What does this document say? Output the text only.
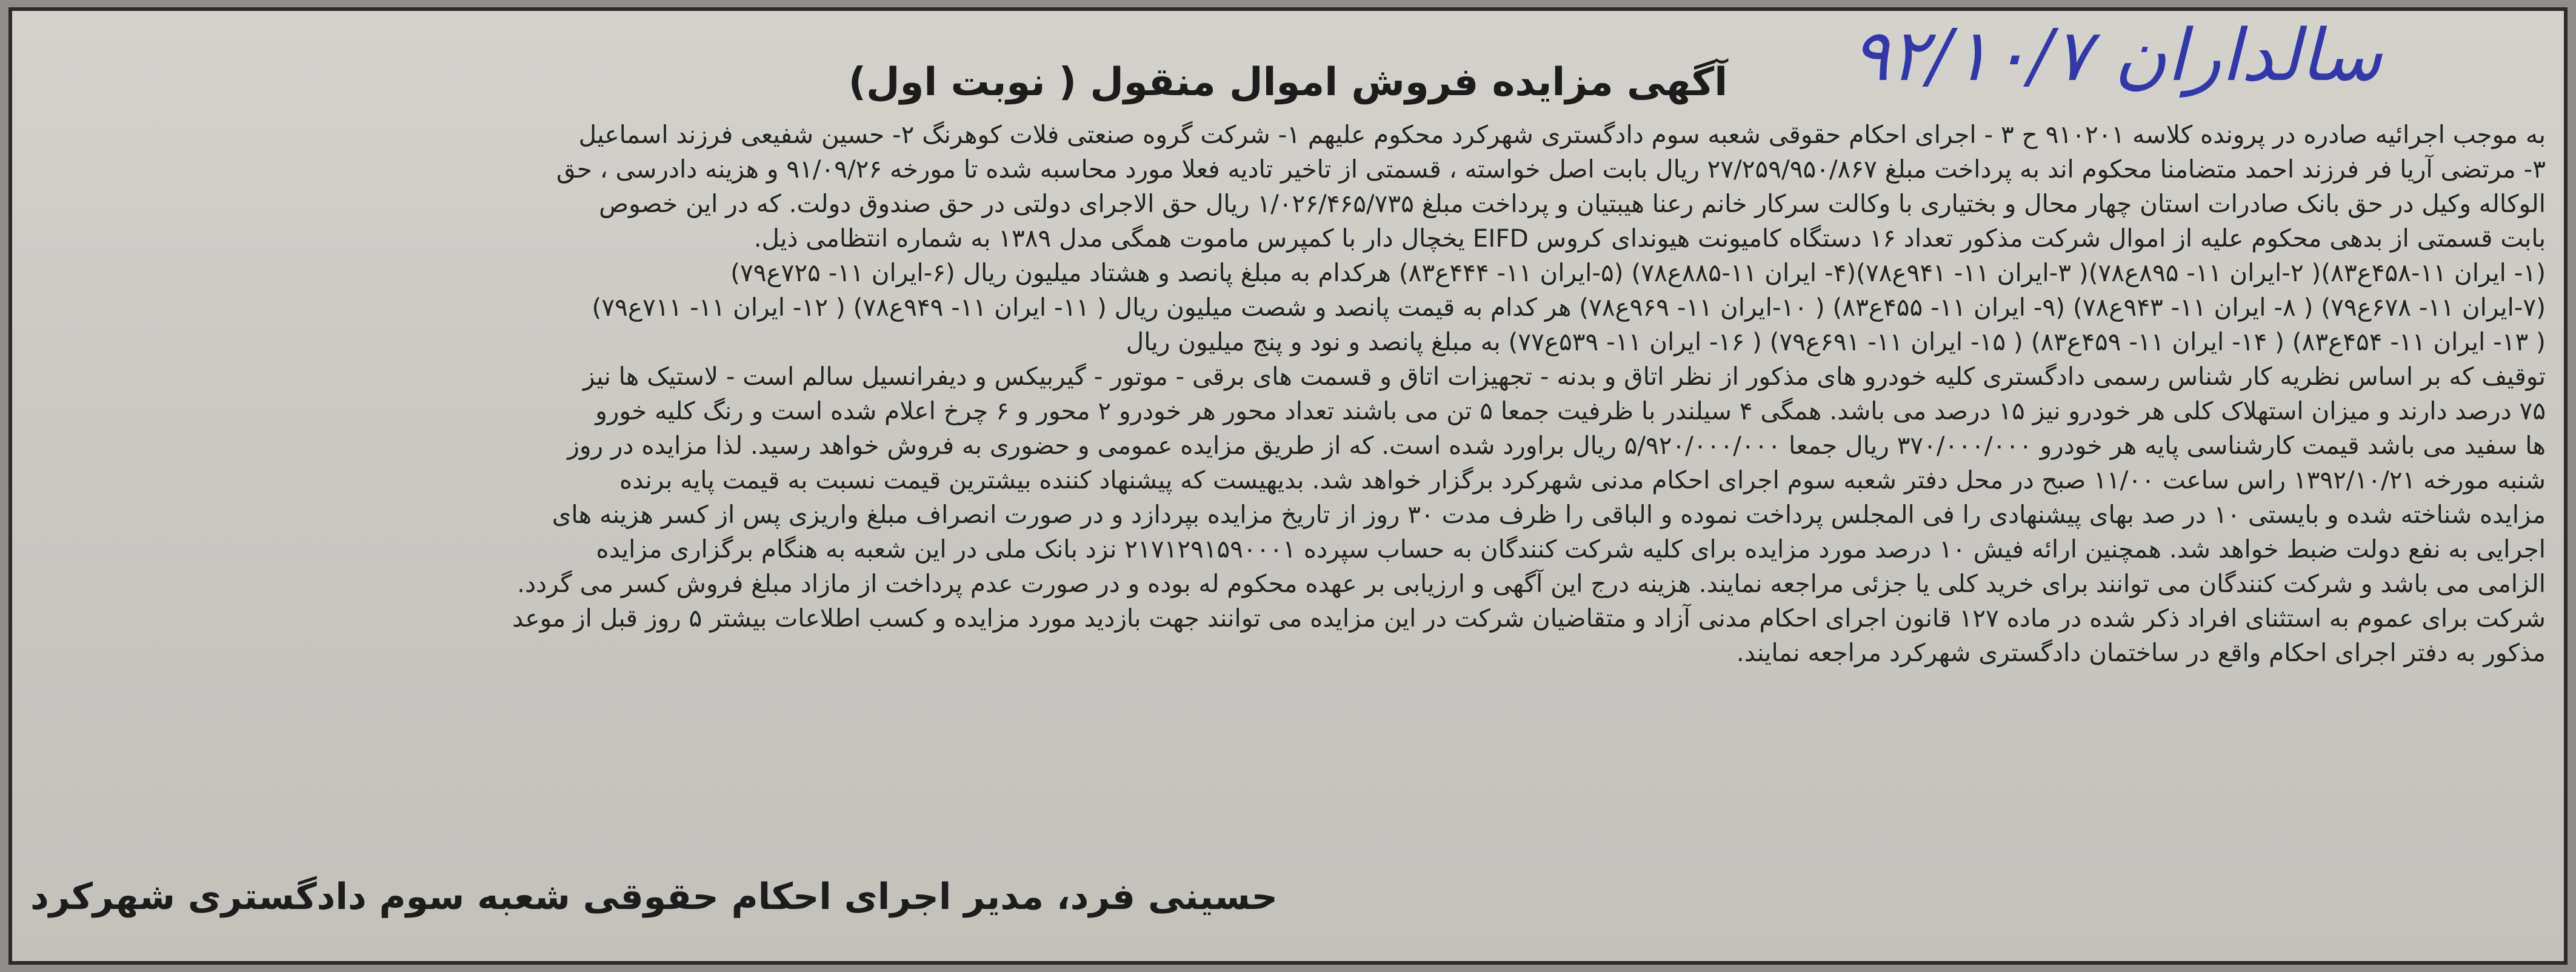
سالداران ۹۲/۱۰/۷
آگهی مزایده فروش اموال منقول ( نوبت اول)
به موجب اجرائیه صادره در پرونده کلاسه ۹۱۰۲۰۱ ح ۳ - اجرای احکام حقوقی شعبه سوم دادگستری شهرکرد محکوم علیهم ۱- شرکت گروه صنعتی فلات کوهرنگ ۲- حسین شفیعی فرزند اسماعیل
۳- مرتضی آریا فر فرزند احمد متضامنا محکوم اند به پرداخت مبلغ ۲۷/۲۵۹/۹۵۰/۸۶۷ ریال بابت اصل خواسته ، قسمتی از تاخیر تادیه فعلا مورد محاسبه شده تا مورخه ۹۱/۰۹/۲۶ و هزینه دادرسی ، حق
الوکاله وکیل در حق بانک صادرات استان چهار محال و بختیاری با وکالت سرکار خانم رعنا هیبتیان و پرداخت مبلغ ۱/۰۲۶/۴۶۵/۷۳۵ ریال حق الاجرای دولتی در حق صندوق دولت. که در این خصوص
بابت قسمتی از بدهی محکوم علیه از اموال شرکت مذکور تعداد ۱۶ دستگاه کامیونت هیوندای کروس EIFD یخچال دار با کمپرس ماموت همگی مدل ۱۳۸۹ به شماره انتظامی ذیل.
(۱- ایران ۱۱-۴۵۸ع۸۳)( ۲-ایران ۱۱- ۸۹۵ع۷۸)( ۳-ایران ۱۱- ۹۴۱ع۷۸)(۴- ایران ۱۱-۸۸۵ع۷۸) (۵-ایران ۱۱- ۴۴۴ع۸۳) هرکدام به مبلغ پانصد و هشتاد میلیون ریال (۶-ایران ۱۱- ۷۲۵ع۷۹)
(۷-ایران ۱۱- ۶۷۸ع۷۹) ( ۸- ایران ۱۱- ۹۴۳ع۷۸) (۹- ایران ۱۱- ۴۵۵ع۸۳) ( ۱۰-ایران ۱۱- ۹۶۹ع۷۸) هر کدام به قیمت پانصد و شصت میلیون ریال ( ۱۱- ایران ۱۱- ۹۴۹ع۷۸) ( ۱۲- ایران ۱۱- ۷۱۱ع۷۹)
( ۱۳- ایران ۱۱- ۴۵۴ع۸۳) ( ۱۴- ایران ۱۱- ۴۵۹ع۸۳) ( ۱۵- ایران ۱۱- ۶۹۱ع۷۹) ( ۱۶- ایران ۱۱- ۵۳۹ع۷۷) به مبلغ پانصد و نود و پنج میلیون ریال
توقیف که بر اساس نظریه کار شناس رسمی دادگستری کلیه خودرو های مذکور از نظر اتاق و بدنه - تجهیزات اتاق و قسمت های برقی - موتور - گیربیکس و دیفرانسیل سالم است - لاستیک ها نیز
۷۵ درصد دارند و میزان استهلاک کلی هر خودرو نیز ۱۵ درصد می باشد. همگی ۴ سیلندر با ظرفیت جمعا ۵ تن می باشند تعداد محور هر خودرو ۲ محور و ۶ چرخ اعلام شده است و رنگ کلیه خورو
ها سفید می باشد قیمت کارشناسی پایه هر خودرو ۳۷۰/۰۰۰/۰۰۰ ریال جمعا ۵/۹۲۰/۰۰۰/۰۰۰ ریال براورد شده است. که از طریق مزایده عمومی و حضوری به فروش خواهد رسید. لذا مزایده در روز
شنبه مورخه ۱۳۹۲/۱۰/۲۱ راس ساعت ۱۱/۰۰ صبح در محل دفتر شعبه سوم اجرای احکام مدنی شهرکرد برگزار خواهد شد. بدیهیست که پیشنهاد کننده بیشترین قیمت نسبت به قیمت پایه برنده
مزایده شناخته شده و بایستی ۱۰ در صد بهای پیشنهادی را فی المجلس پرداخت نموده و الباقی را ظرف مدت ۳۰ روز از تاریخ مزایده بپردازد و در صورت انصراف مبلغ واریزی پس از کسر هزینه های
اجرایی به نفع دولت ضبط خواهد شد. همچنین ارائه فیش ۱۰ درصد مورد مزایده برای کلیه شرکت کنندگان به حساب سپرده ۲۱۷۱۲۹۱۵۹۰۰۰۱ نزد بانک ملی در این شعبه به هنگام برگزاری مزایده
الزامی می باشد و شرکت کنندگان می توانند برای خرید کلی یا جزئی مراجعه نمایند. هزینه درج این آگهی و ارزیابی بر عهده محکوم له بوده و در صورت عدم پرداخت از مازاد مبلغ فروش کسر می گردد.
شرکت برای عموم به استثنای افراد ذکر شده در ماده ۱۲۷ قانون اجرای احکام مدنی آزاد و متقاضیان شرکت در این مزایده می توانند جهت بازدید مورد مزایده و کسب اطلاعات بیشتر ۵ روز قبل از موعد
مذکور به دفتر اجرای احکام واقع در ساختمان دادگستری شهرکرد مراجعه نمایند.
حسینی فرد، مدیر اجرای احکام حقوقی شعبه سوم دادگستری شهرکرد
